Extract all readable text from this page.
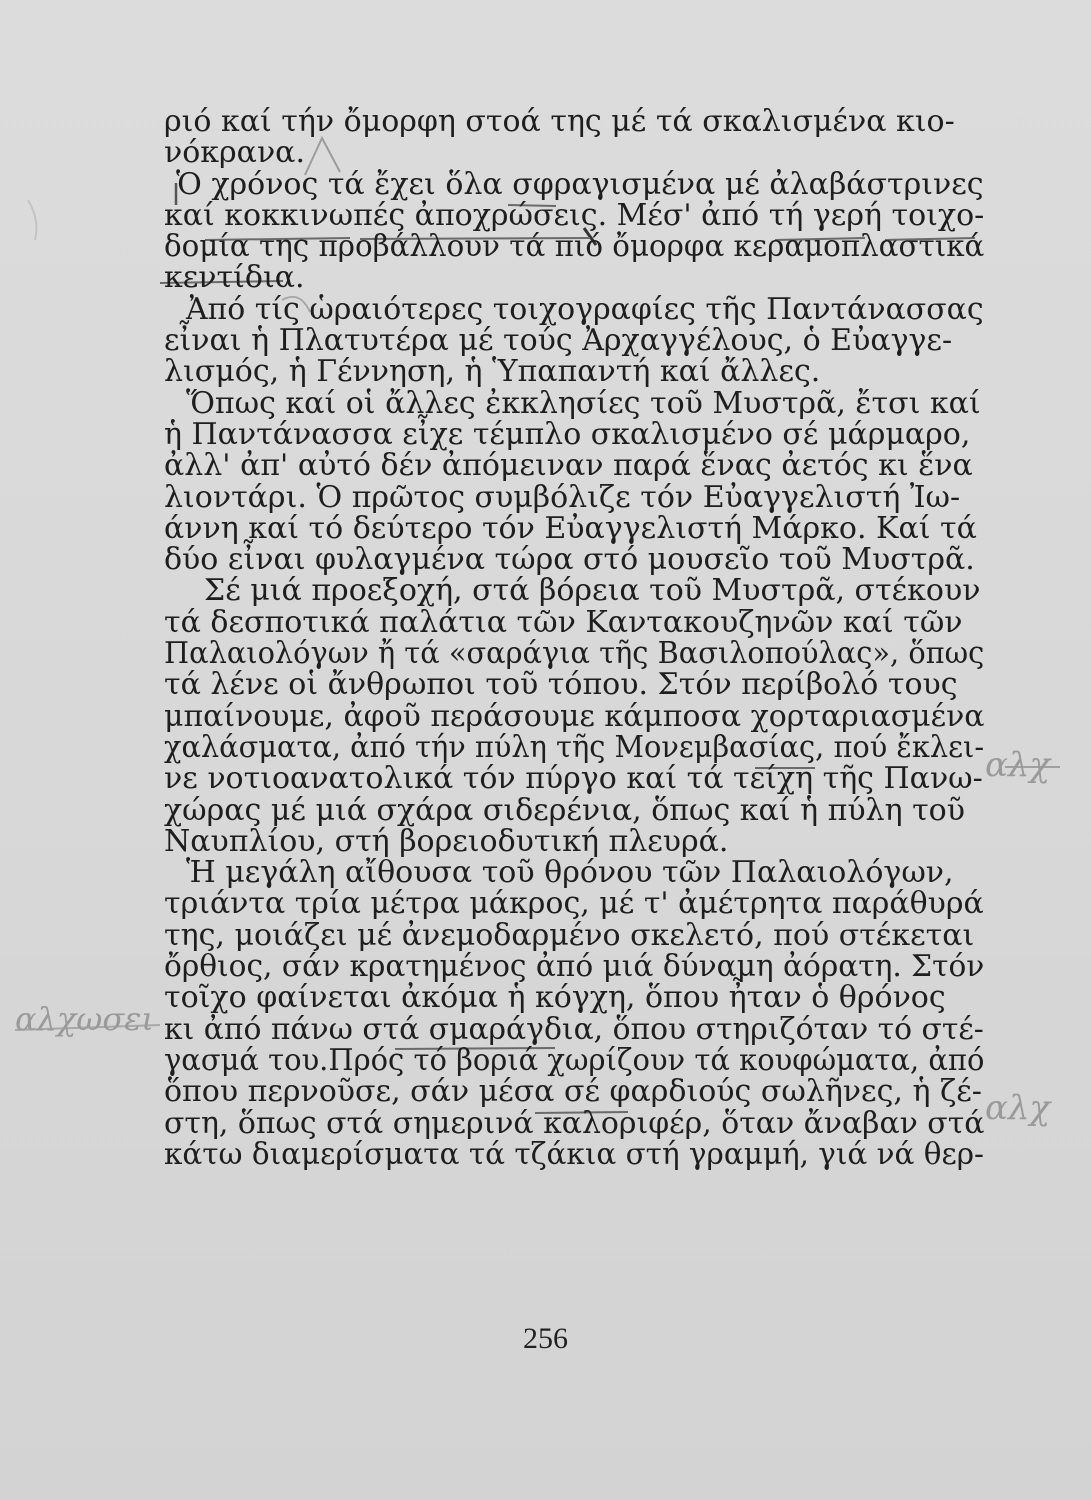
αλχ
αλχωσει
αλχ
ριό καί τήν ὄμορφη στοά της μέ τά σκαλισμένα κιο-
νόκρανα.
Ὁ χρόνος τά ἔχει ὅλα σφραγισμένα μέ ἀλαβάστρινες
καί κοκκινωπές ἀποχρώσεις. Μέσ' ἀπό τή γερή τοιχο-
δομία της προβάλλουν τά πιό ὄμορφα κεραμοπλαστικά
κεντίδια.
Ἀπό τίς ὡραιότερες τοιχογραφίες τῆς Παντάνασσας
εἶναι ἡ Πλατυτέρα μέ τούς Ἀρχαγγέλους, ὁ Εὐαγγε-
λισμός, ἡ Γέννηση, ἡ Ὑπαπαντή καί ἄλλες.
Ὅπως καί οἱ ἄλλες ἐκκλησίες τοῦ Μυστρᾶ, ἔτσι καί
ἡ Παντάνασσα εἶχε τέμπλο σκαλισμένο σέ μάρμαρο,
ἀλλ' ἀπ' αὐτό δέν ἀπόμειναν παρά ἕνας ἀετός κι ἕνα
λιοντάρι. Ὁ πρῶτος συμβόλιζε τόν Εὐαγγελιστή Ἰω-
άννη καί τό δεύτερο τόν Εὐαγγελιστή Μάρκο. Καί τά
δύο εἶναι φυλαγμένα τώρα στό μουσεῖο τοῦ Μυστρᾶ.
Σέ μιά προεξοχή, στά βόρεια τοῦ Μυστρᾶ, στέκουν
τά δεσποτικά παλάτια τῶν Καντακουζηνῶν καί τῶν
Παλαιολόγων ἤ τά «σαράγια τῆς Βασιλοπούλας», ὅπως
τά λένε οἱ ἄνθρωποι τοῦ τόπου. Στόν περίβολό τους
μπαίνουμε, ἀφοῦ περάσουμε κάμποσα χορταριασμένα
χαλάσματα, ἀπό τήν πύλη τῆς Μονεμβασίας, πού ἔκλει-
νε νοτιοανατολικά τόν πύργο καί τά τείχη τῆς Πανω-
χώρας μέ μιά σχάρα σιδερένια, ὅπως καί ἡ πύλη τοῦ
Ναυπλίου, στή βορειοδυτική πλευρά.
Ἡ μεγάλη αἴθουσα τοῦ θρόνου τῶν Παλαιολόγων,
τριάντα τρία μέτρα μάκρος, μέ τ' ἀμέτρητα παράθυρά
της, μοιάζει μέ ἀνεμοδαρμένο σκελετό, πού στέκεται
ὄρθιος, σάν κρατημένος ἀπό μιά δύναμη ἀόρατη. Στόν
τοῖχο φαίνεται ἀκόμα ἡ κόγχη, ὅπου ἦταν ὁ θρόνος
κι ἀπό πάνω στά σμαράγδια, ὅπου στηριζόταν τό στέ-
γασμά του.Πρός τό βοριά χωρίζουν τά κουφώματα, ἀπό
ὅπου περνοῦσε, σάν μέσα σέ φαρδιούς σωλῆνες, ἡ ζέ-
στη, ὅπως στά σημερινά καλοριφέρ, ὅταν ἄναβαν στά
κάτω διαμερίσματα τά τζάκια στή γραμμή, γιά νά θερ-
256
